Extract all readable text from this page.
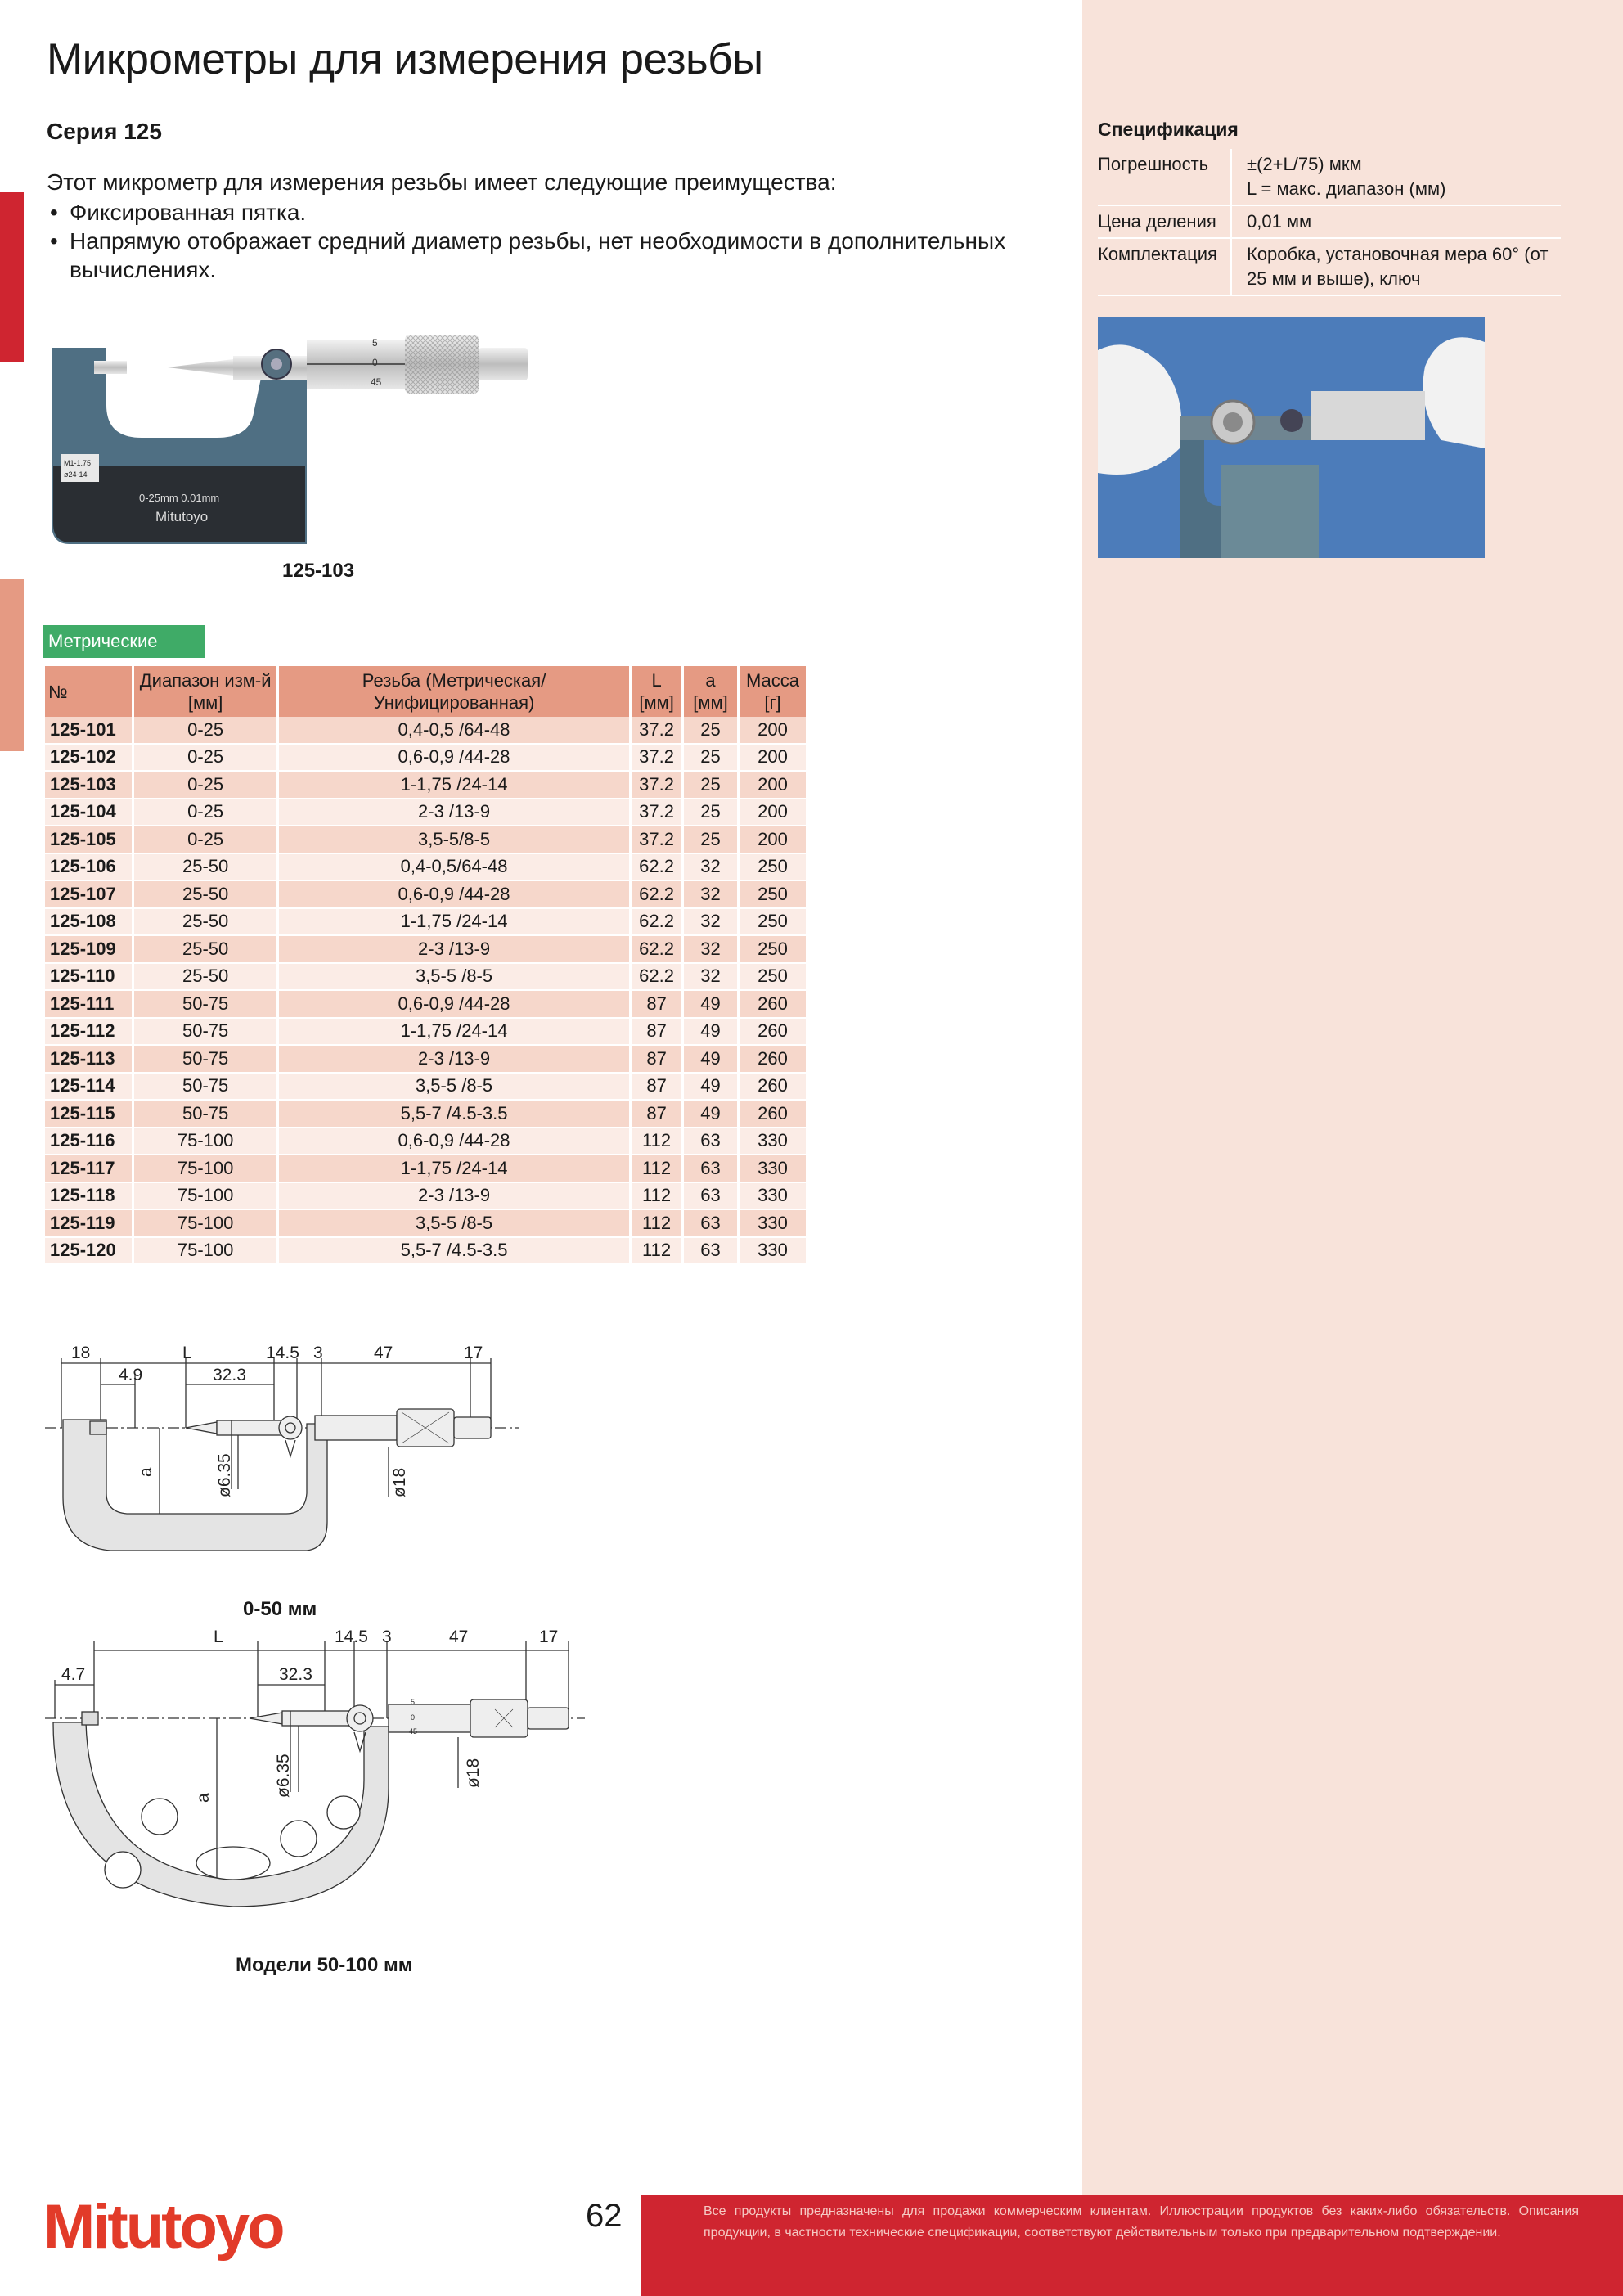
Микрометры для измерения резьбы
Серия 125
Этот микрометр для измерения резьбы имеет следующие преимущества:
• Фиксированная пятка.
• Напрямую отображает средний диаметр резьбы, нет необходимости в дополнительных вычислениях.
5
0
45
M1-1.75
ø24-14
0-25mm 0.01mm
Mitutoyo
125-103
Метрические
№	Диапазон изм-й [мм]	Резьба (Метрическая/ Унифицированная)	L [мм]	a [мм]	Масса [г]
125-101	0-25	0,4-0,5 /64-48	37.2	25	200
125-102	0-25	0,6-0,9 /44-28	37.2	25	200
125-103	0-25	1-1,75 /24-14	37.2	25	200
125-104	0-25	2-3 /13-9	37.2	25	200
125-105	0-25	3,5-5/8-5	37.2	25	200
125-106	25-50	0,4-0,5/64-48	62.2	32	250
125-107	25-50	0,6-0,9 /44-28	62.2	32	250
125-108	25-50	1-1,75 /24-14	62.2	32	250
125-109	25-50	2-3 /13-9	62.2	32	250
125-110	25-50	3,5-5 /8-5	62.2	32	250
125-111	50-75	0,6-0,9 /44-28	87	49	260
125-112	50-75	1-1,75 /24-14	87	49	260
125-113	50-75	2-3 /13-9	87	49	260
125-114	50-75	3,5-5 /8-5	87	49	260
125-115	50-75	5,5-7 /4.5-3.5	87	49	260
125-116	75-100	0,6-0,9 /44-28	112	63	330
125-117	75-100	1-1,75 /24-14	112	63	330
125-118	75-100	2-3 /13-9	112	63	330
125-119	75-100	3,5-5 /8-5	112	63	330
125-120	75-100	5,5-7 /4.5-3.5	112	63	330
18	L	14.5 3	47	17
4.9	32.3
a	ø6.35	ø18
0-50 мм
L	14.5 3	47	17
4.7	32.3
a
ø6.35	ø18
5
0
45
Модели 50-100 мм
Спецификация
Погрешность	±(2+L/75) мкм
L = макс. диапазон (мм)

Цена деления	0,01 мм

Комплектация	Коробка, установочная мера 60° (от
25 мм и выше), ключ
Mitutoyo	62	Все продукты предназначены для продажи коммерческим клиентам. Иллюстрации продуктов без каких-либо обязательств. Описания продукции, в частности технические спецификации, соответствуют действительным только при предварительном подтверждении.
